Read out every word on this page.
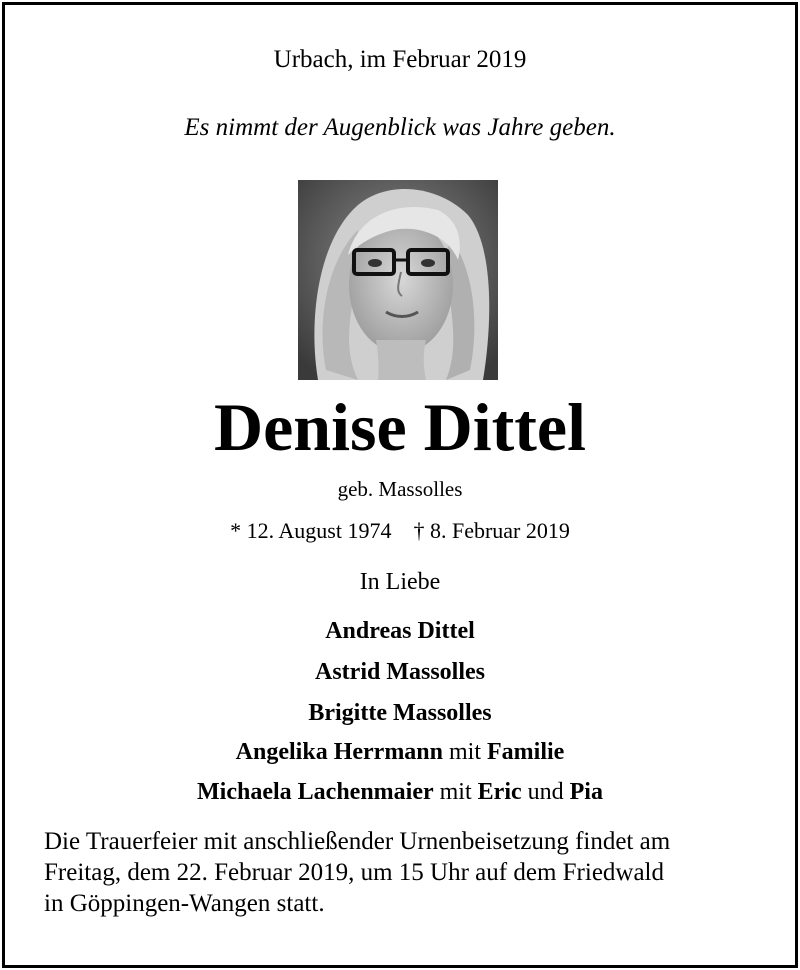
Urbach, im Februar 2019
Es nimmt der Augenblick was Jahre geben.
Denise Dittel
geb. Massolles
* 12. August 1974 † 8. Februar 2019
In Liebe
Andreas Dittel
Astrid Massolles
Brigitte Massolles
Angelika Herrmann mit Familie
Michaela Lachenmaier mit Eric und Pia
Die Trauerfeier mit anschließender Urnenbeisetzung findet am
Freitag, dem 22. Februar 2019, um 15 Uhr auf dem Friedwald
in Göppingen-Wangen statt.
